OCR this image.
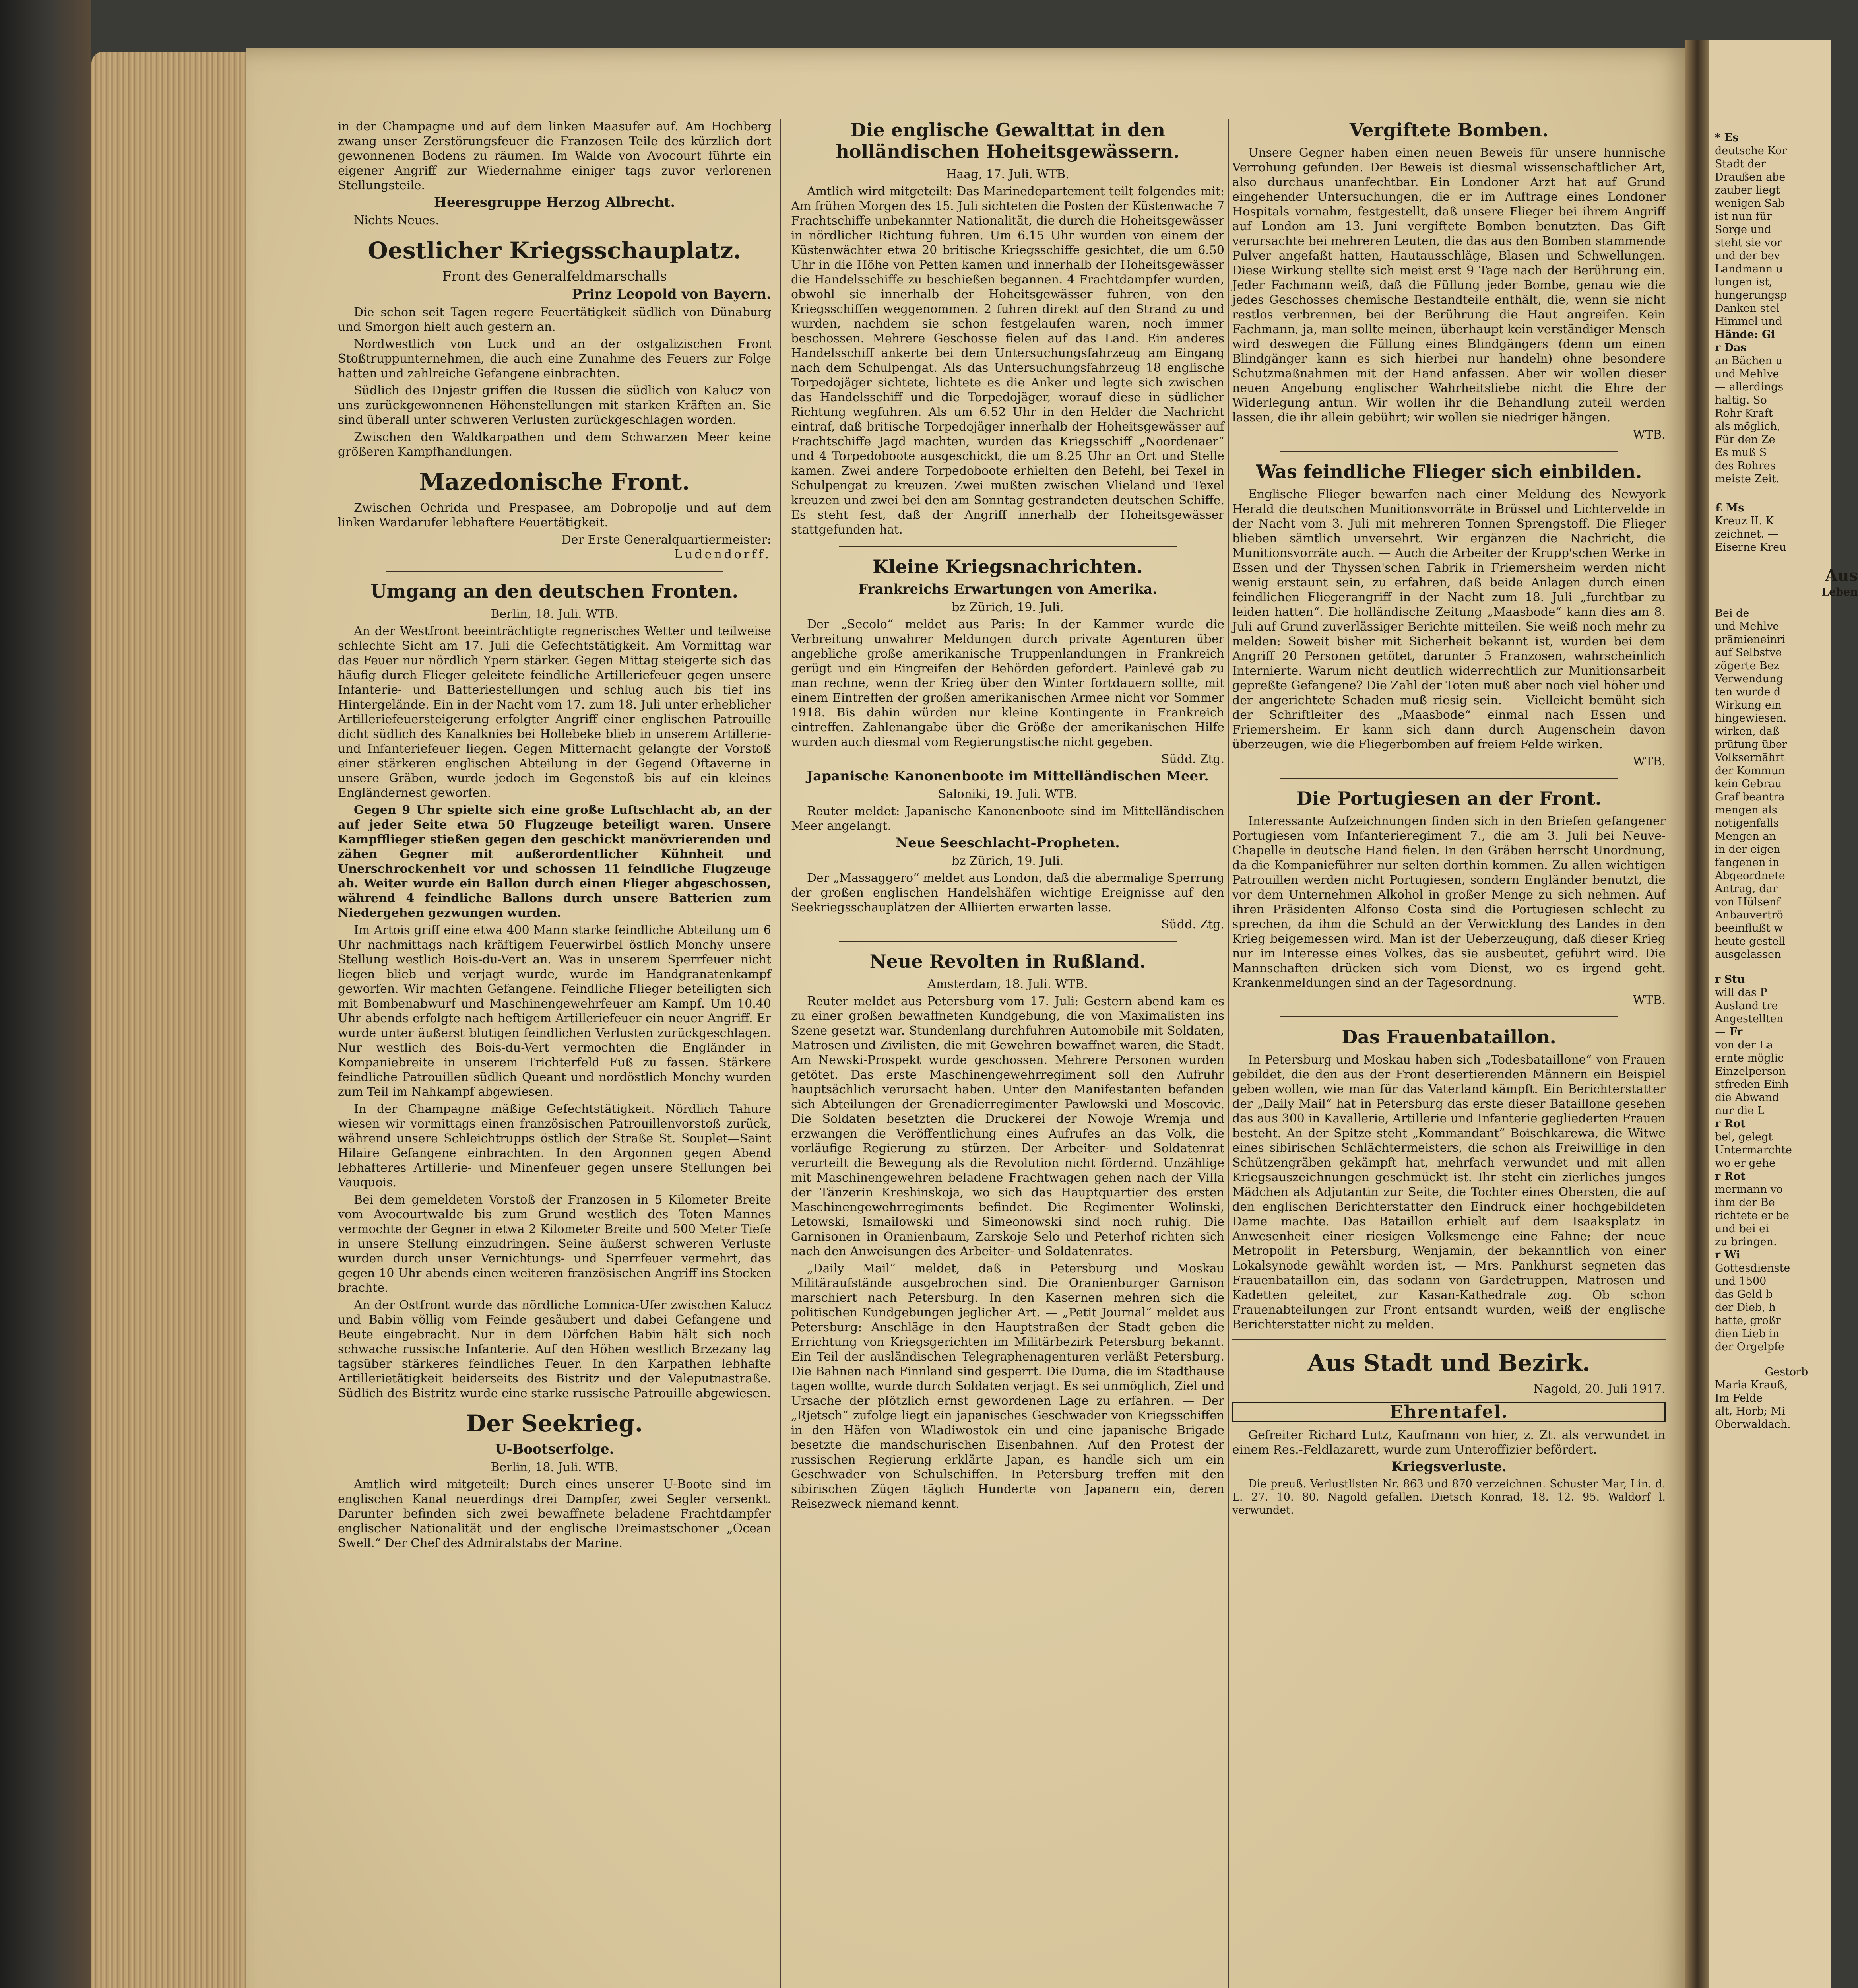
* Es
deutsche Kor
Stadt der
Draußen abe
zauber liegt
wenigen Sab
ist nun für
Sorge und
steht sie vor
und der bev
Landmann u
lungen ist,
hungerungsp
Danken stel
Himmel und
Hände: Gi
r Das
an Bächen u
und Mehlve
— allerdings
haltig. So
Rohr Kraft
als möglich,
Für den Ze
Es muß S
des Rohres
meiste Zeit.
£ Ms
Kreuz II. K
zeichnet. —
Eiserne Kreu
Aus
Leben
Bei de
und Mehlve
prämieneinri
auf Selbstve
zögerte Bez
Verwendung
ten wurde d
Wirkung ein
hingewiesen.
wirken, daß
prüfung über
Volksernährt
der Kommun
kein Gebrau
Graf beantra
mengen als
nötigenfalls
Mengen an
in der eigen
fangenen in
Abgeordnete
Antrag, dar
von Hülsenf
Anbauvertrö
beeinflußt w
heute gestell
ausgelassen
r Stu
will das P
Ausland tre
Angestellten
— Fr
von der La
ernte möglic
Einzelperson
stfreden Einh
die Abwand
nur die L
r Rot
bei, gelegt
Untermarchte
wo er gehe
r Rot
mermann vo
ihm der Be
richtete er be
und bei ei
zu bringen.
r Wi
Gottesdienste
und 1500
das Geld b
der Dieb, h
hatte, großr
dien Lieb in
der Orgelpfe
Gestorb
Maria Krauß,
Im Felde
alt, Horb; Mi
Oberwaldach.

in der Champagne und auf dem linken Maasufer auf. Am Hochberg zwang unser Zerstörungsfeuer die Franzosen Teile des kürzlich dort gewonnenen Bodens zu räumen. Im Walde von Avocourt führte ein eigener Angriff zur Wiedernahme einiger tags zuvor verlorenen Stellungsteile.

Heeresgruppe Herzog Albrecht.

Nichts Neues.

Oestlicher Kriegsschauplatz.
Front des Generalfeldmarschalls
Prinz Leopold von Bayern.

Die schon seit Tagen regere Feuertätigkeit südlich von Dünaburg und Smorgon hielt auch gestern an.

Nordwestlich von Luck und an der ostgalizischen Front Stoßtruppunternehmen, die auch eine Zunahme des Feuers zur Folge hatten und zahlreiche Gefangene einbrachten.

Südlich des Dnjestr griffen die Russen die südlich von Kalucz von uns zurückgewonnenen Höhenstellungen mit starken Kräften an. Sie sind überall unter schweren Verlusten zurückgeschlagen worden.

Zwischen den Waldkarpathen und dem Schwarzen Meer keine größeren Kampfhandlungen.

Mazedonische Front.

Zwischen Ochrida und Prespasee, am Dobropolje und auf dem linken Wardarufer lebhaftere Feuertätigkeit.

Der Erste Generalquartiermeister:
Ludendorff.
Umgang an den deutschen Fronten.
Berlin, 18. Juli. WTB.

An der Westfront beeinträchtigte regnerisches Wetter und teilweise schlechte Sicht am 17. Juli die Gefechtstätigkeit. Am Vormittag war das Feuer nur nördlich Ypern stärker. Gegen Mittag steigerte sich das häufig durch Flieger geleitete feindliche Artilleriefeuer gegen unsere Infanterie- und Batteriestellungen und schlug auch bis tief ins Hintergelände. Ein in der Nacht vom 17. zum 18. Juli unter erheblicher Artilleriefeuersteigerung erfolgter Angriff einer englischen Patrouille dicht südlich des Kanalknies bei Hollebeke blieb in unserem Artillerie- und Infanteriefeuer liegen. Gegen Mitternacht gelangte der Vorstoß einer stärkeren englischen Abteilung in der Gegend Oftaverne in unsere Gräben, wurde jedoch im Gegenstoß bis auf ein kleines Engländernest geworfen.

Gegen 9 Uhr spielte sich eine große Luftschlacht ab, an der auf jeder Seite etwa 50 Flugzeuge beteiligt waren. Unsere Kampfflieger stießen gegen den geschickt manövrierenden und zähen Gegner mit außerordentlicher Kühnheit und Unerschrockenheit vor und schossen 11 feindliche Flugzeuge ab. Weiter wurde ein Ballon durch einen Flieger abgeschossen, während 4 feindliche Ballons durch unsere Batterien zum Niedergehen gezwungen wurden.

Im Artois griff eine etwa 400 Mann starke feindliche Abteilung um 6 Uhr nachmittags nach kräftigem Feuerwirbel östlich Monchy unsere Stellung westlich Bois-du-Vert an. Was in unserem Sperrfeuer nicht liegen blieb und verjagt wurde, wurde im Handgranatenkampf geworfen. Wir machten Gefangene. Feindliche Flieger beteiligten sich mit Bombenabwurf und Maschinengewehrfeuer am Kampf. Um 10.40 Uhr abends erfolgte nach heftigem Artilleriefeuer ein neuer Angriff. Er wurde unter äußerst blutigen feindlichen Verlusten zurückgeschlagen. Nur westlich des Bois-du-Vert vermochten die Engländer in Kompaniebreite in unserem Trichterfeld Fuß zu fassen. Stärkere feindliche Patrouillen südlich Queant und nordöstlich Monchy wurden zum Teil im Nahkampf abgewiesen.

In der Champagne mäßige Gefechtstätigkeit. Nördlich Tahure wiesen wir vormittags einen französischen Patrouillenvorstoß zurück, während unsere Schleichtrupps östlich der Straße St. Souplet—Saint Hilaire Gefangene einbrachten. In den Argonnen gegen Abend lebhafteres Artillerie- und Minenfeuer gegen unsere Stellungen bei Vauquois.

Bei dem gemeldeten Vorstoß der Franzosen in 5 Kilometer Breite vom Avocourtwalde bis zum Grund westlich des Toten Mannes vermochte der Gegner in etwa 2 Kilometer Breite und 500 Meter Tiefe in unsere Stellung einzudringen. Seine äußerst schweren Verluste wurden durch unser Vernichtungs- und Sperrfeuer vermehrt, das gegen 10 Uhr abends einen weiteren französischen Angriff ins Stocken brachte.

An der Ostfront wurde das nördliche Lomnica-Ufer zwischen Kalucz und Babin völlig vom Feinde gesäubert und dabei Gefangene und Beute eingebracht. Nur in dem Dörfchen Babin hält sich noch schwache russische Infanterie. Auf den Höhen westlich Brzezany lag tagsüber stärkeres feindliches Feuer. In den Karpathen lebhafte Artillerietätigkeit beiderseits des Bistritz und der Valeputnastraße. Südlich des Bistritz wurde eine starke russische Patrouille abgewiesen.

Der Seekrieg.
U-Bootserfolge.
Berlin, 18. Juli. WTB.

Amtlich wird mitgeteilt: Durch eines unserer U-Boote sind im englischen Kanal neuerdings drei Dampfer, zwei Segler versenkt. Darunter befinden sich zwei bewaffnete beladene Frachtdampfer englischer Nationalität und der englische Dreimastschoner „Ocean Swell.“ Der Chef des Admiralstabs der Marine.

Die englische Gewalttat in den holländischen Hoheitsgewässern.
Haag, 17. Juli. WTB.

Amtlich wird mitgeteilt: Das Marinedepartement teilt folgendes mit: Am frühen Morgen des 15. Juli sichteten die Posten der Küstenwache 7 Frachtschiffe unbekannter Nationalität, die durch die Hoheitsgewässer in nördlicher Richtung fuhren. Um 6.15 Uhr wurden von einem der Küstenwächter etwa 20 britische Kriegsschiffe gesichtet, die um 6.50 Uhr in die Höhe von Petten kamen und innerhalb der Hoheitsgewässer die Handelsschiffe zu beschießen begannen. 4 Frachtdampfer wurden, obwohl sie innerhalb der Hoheitsgewässer fuhren, von den Kriegsschiffen weggenommen. 2 fuhren direkt auf den Strand zu und wurden, nachdem sie schon festgelaufen waren, noch immer beschossen. Mehrere Geschosse fielen auf das Land. Ein anderes Handelsschiff ankerte bei dem Untersuchungsfahrzeug am Eingang nach dem Schulpengat. Als das Untersuchungsfahrzeug 18 englische Torpedojäger sichtete, lichtete es die Anker und legte sich zwischen das Handelsschiff und die Torpedojäger, worauf diese in südlicher Richtung wegfuhren. Als um 6.52 Uhr in den Helder die Nachricht eintraf, daß britische Torpedojäger innerhalb der Hoheitsgewässer auf Frachtschiffe Jagd machten, wurden das Kriegsschiff „Noordenaer“ und 4 Torpedoboote ausgeschickt, die um 8.25 Uhr an Ort und Stelle kamen. Zwei andere Torpedoboote erhielten den Befehl, bei Texel in Schulpengat zu kreuzen. Zwei mußten zwischen Vlieland und Texel kreuzen und zwei bei den am Sonntag gestrandeten deutschen Schiffe. Es steht fest, daß der Angriff innerhalb der Hoheitsgewässer stattgefunden hat.

Kleine Kriegsnachrichten.
Frankreichs Erwartungen von Amerika.
bz Zürich, 19. Juli.

Der „Secolo“ meldet aus Paris: In der Kammer wurde die Verbreitung unwahrer Meldungen durch private Agenturen über angebliche große amerikanische Truppenlandungen in Frankreich gerügt und ein Eingreifen der Behörden gefordert. Painlevé gab zu man rechne, wenn der Krieg über den Winter fortdauern sollte, mit einem Eintreffen der großen amerikanischen Armee nicht vor Sommer 1918. Bis dahin würden nur kleine Kontingente in Frankreich eintreffen. Zahlenangabe über die Größe der amerikanischen Hilfe wurden auch diesmal vom Regierungstische nicht gegeben.

Südd. Ztg.
Japanische Kanonenboote im Mittelländischen Meer.
Saloniki, 19. Juli. WTB.

Reuter meldet: Japanische Kanonenboote sind im Mittelländischen Meer angelangt.

Neue Seeschlacht-Propheten.
bz Zürich, 19. Juli.

Der „Massaggero“ meldet aus London, daß die abermalige Sperrung der großen englischen Handelshäfen wichtige Ereignisse auf den Seekriegsschauplätzen der Alliierten erwarten lasse.

Südd. Ztg.
Neue Revolten in Rußland.
Amsterdam, 18. Juli. WTB.

Reuter meldet aus Petersburg vom 17. Juli: Gestern abend kam es zu einer großen bewaffneten Kundgebung, die von Maximalisten ins Szene gesetzt war. Stundenlang durchfuhren Automobile mit Soldaten, Matrosen und Zivilisten, die mit Gewehren bewaffnet waren, die Stadt. Am Newski-Prospekt wurde geschossen. Mehrere Personen wurden getötet. Das erste Maschinengewehrregiment soll den Aufruhr hauptsächlich verursacht haben. Unter den Manifestanten befanden sich Abteilungen der Grenadierregimenter Pawlowski und Moscovic. Die Soldaten besetzten die Druckerei der Nowoje Wremja und erzwangen die Veröffentlichung eines Aufrufes an das Volk, die vorläufige Regierung zu stürzen. Der Arbeiter- und Soldatenrat verurteilt die Bewegung als die Revolution nicht fördernd. Unzählige mit Maschinengewehren beladene Frachtwagen gehen nach der Villa der Tänzerin Kreshinskoja, wo sich das Hauptquartier des ersten Maschinengewehrregiments befindet. Die Regimenter Wolinski, Letowski, Ismailowski und Simeonowski sind noch ruhig. Die Garnisonen in Oranienbaum, Zarskoje Selo und Peterhof richten sich nach den Anweisungen des Arbeiter- und Soldatenrates.

„Daily Mail“ meldet, daß in Petersburg und Moskau Militäraufstände ausgebrochen sind. Die Oranienburger Garnison marschiert nach Petersburg. In den Kasernen mehren sich die politischen Kundgebungen jeglicher Art. — „Petit Journal“ meldet aus Petersburg: Anschläge in den Hauptstraßen der Stadt geben die Errichtung von Kriegsgerichten im Militärbezirk Petersburg bekannt. Ein Teil der ausländischen Telegraphenagenturen verläßt Petersburg. Die Bahnen nach Finnland sind gesperrt. Die Duma, die im Stadthause tagen wollte, wurde durch Soldaten verjagt. Es sei unmöglich, Ziel und Ursache der plötzlich ernst gewordenen Lage zu erfahren. — Der „Rjetsch“ zufolge liegt ein japanisches Geschwader von Kriegsschiffen in den Häfen von Wladiwostok ein und eine japanische Brigade besetzte die mandschurischen Eisenbahnen. Auf den Protest der russischen Regierung erklärte Japan, es handle sich um ein Geschwader von Schulschiffen. In Petersburg treffen mit den sibirischen Zügen täglich Hunderte von Japanern ein, deren Reisezweck niemand kennt.

Vergiftete Bomben.

Unsere Gegner haben einen neuen Beweis für unsere hunnische Verrohung gefunden. Der Beweis ist diesmal wissenschaftlicher Art, also durchaus unanfechtbar. Ein Londoner Arzt hat auf Grund eingehender Untersuchungen, die er im Auftrage eines Londoner Hospitals vornahm, festgestellt, daß unsere Flieger bei ihrem Angriff auf London am 13. Juni vergiftete Bomben benutzten. Das Gift verursachte bei mehreren Leuten, die das aus den Bomben stammende Pulver angefaßt hatten, Hautausschläge, Blasen und Schwellungen. Diese Wirkung stellte sich meist erst 9 Tage nach der Berührung ein. Jeder Fachmann weiß, daß die Füllung jeder Bombe, genau wie die jedes Geschosses chemische Bestandteile enthält, die, wenn sie nicht restlos verbrennen, bei der Berührung die Haut angreifen. Kein Fachmann, ja, man sollte meinen, überhaupt kein verständiger Mensch wird deswegen die Füllung eines Blindgängers (denn um einen Blindgänger kann es sich hierbei nur handeln) ohne besondere Schutzmaßnahmen mit der Hand anfassen. Aber wir wollen dieser neuen Angebung englischer Wahrheitsliebe nicht die Ehre der Widerlegung antun. Wir wollen ihr die Behandlung zuteil werden lassen, die ihr allein gebührt; wir wollen sie niedriger hängen.

WTB.
Was feindliche Flieger sich einbilden.

Englische Flieger bewarfen nach einer Meldung des Newyork Herald die deutschen Munitionsvorräte in Brüssel und Lichtervelde in der Nacht vom 3. Juli mit mehreren Tonnen Sprengstoff. Die Flieger blieben sämtlich unversehrt. Wir ergänzen die Nachricht, die Munitionsvorräte auch. — Auch die Arbeiter der Krupp'schen Werke in Essen und der Thyssen'schen Fabrik in Friemersheim werden nicht wenig erstaunt sein, zu erfahren, daß beide Anlagen durch einen feindlichen Fliegerangriff in der Nacht zum 18. Juli „furchtbar zu leiden hatten“. Die holländische Zeitung „Maasbode“ kann dies am 8. Juli auf Grund zuverlässiger Berichte mitteilen. Sie weiß noch mehr zu melden: Soweit bisher mit Sicherheit bekannt ist, wurden bei dem Angriff 20 Personen getötet, darunter 5 Franzosen, wahrscheinlich Internierte. Warum nicht deutlich widerrechtlich zur Munitionsarbeit gepreßte Gefangene? Die Zahl der Toten muß aber noch viel höher und der angerichtete Schaden muß riesig sein. — Vielleicht bemüht sich der Schriftleiter des „Maasbode“ einmal nach Essen und Friemersheim. Er kann sich dann durch Augenschein davon überzeugen, wie die Fliegerbomben auf freiem Felde wirken.

WTB.
Die Portugiesen an der Front.

Interessante Aufzeichnungen finden sich in den Briefen gefangener Portugiesen vom Infanterieregiment 7., die am 3. Juli bei Neuve-Chapelle in deutsche Hand fielen. In den Gräben herrscht Unordnung, da die Kompanieführer nur selten dorthin kommen. Zu allen wichtigen Patrouillen werden nicht Portugiesen, sondern Engländer benutzt, die vor dem Unternehmen Alkohol in großer Menge zu sich nehmen. Auf ihren Präsidenten Alfonso Costa sind die Portugiesen schlecht zu sprechen, da ihm die Schuld an der Verwicklung des Landes in den Krieg beigemessen wird. Man ist der Ueberzeugung, daß dieser Krieg nur im Interesse eines Volkes, das sie ausbeutet, geführt wird. Die Mannschaften drücken sich vom Dienst, wo es irgend geht. Krankenmeldungen sind an der Tagesordnung.

WTB.
Das Frauenbataillon.

In Petersburg und Moskau haben sich „Todesbataillone“ von Frauen gebildet, die den aus der Front desertierenden Männern ein Beispiel geben wollen, wie man für das Vaterland kämpft. Ein Berichterstatter der „Daily Mail“ hat in Petersburg das erste dieser Bataillone gesehen das aus 300 in Kavallerie, Artillerie und Infanterie gegliederten Frauen besteht. An der Spitze steht „Kommandant“ Boischkarewa, die Witwe eines sibirischen Schlächtermeisters, die schon als Freiwillige in den Schützengräben gekämpft hat, mehrfach verwundet und mit allen Kriegsauszeichnungen geschmückt ist. Ihr steht ein zierliches junges Mädchen als Adjutantin zur Seite, die Tochter eines Obersten, die auf den englischen Berichterstatter den Eindruck einer hochgebildeten Dame machte. Das Bataillon erhielt auf dem Isaaksplatz in Anwesenheit einer riesigen Volksmenge eine Fahne; der neue Metropolit in Petersburg, Wenjamin, der bekanntlich von einer Lokalsynode gewählt worden ist, — Mrs. Pankhurst segneten das Frauenbataillon ein, das sodann von Gardetruppen, Matrosen und Kadetten geleitet, zur Kasan-Kathedrale zog. Ob schon Frauenabteilungen zur Front entsandt wurden, weiß der englische Berichterstatter nicht zu melden.

Aus Stadt und Bezirk.
Nagold, 20. Juli 1917.
Ehrentafel.

Gefreiter Richard Lutz, Kaufmann von hier, z. Zt. als verwundet in einem Res.-Feldlazarett, wurde zum Unteroffizier befördert.

Kriegsverluste.

Die preuß. Verlustlisten Nr. 863 und 870 verzeichnen. Schuster Mar, Lin. d. L. 27. 10. 80. Nagold gefallen. Dietsch Konrad, 18. 12. 95. Waldorf l. verwundet.
